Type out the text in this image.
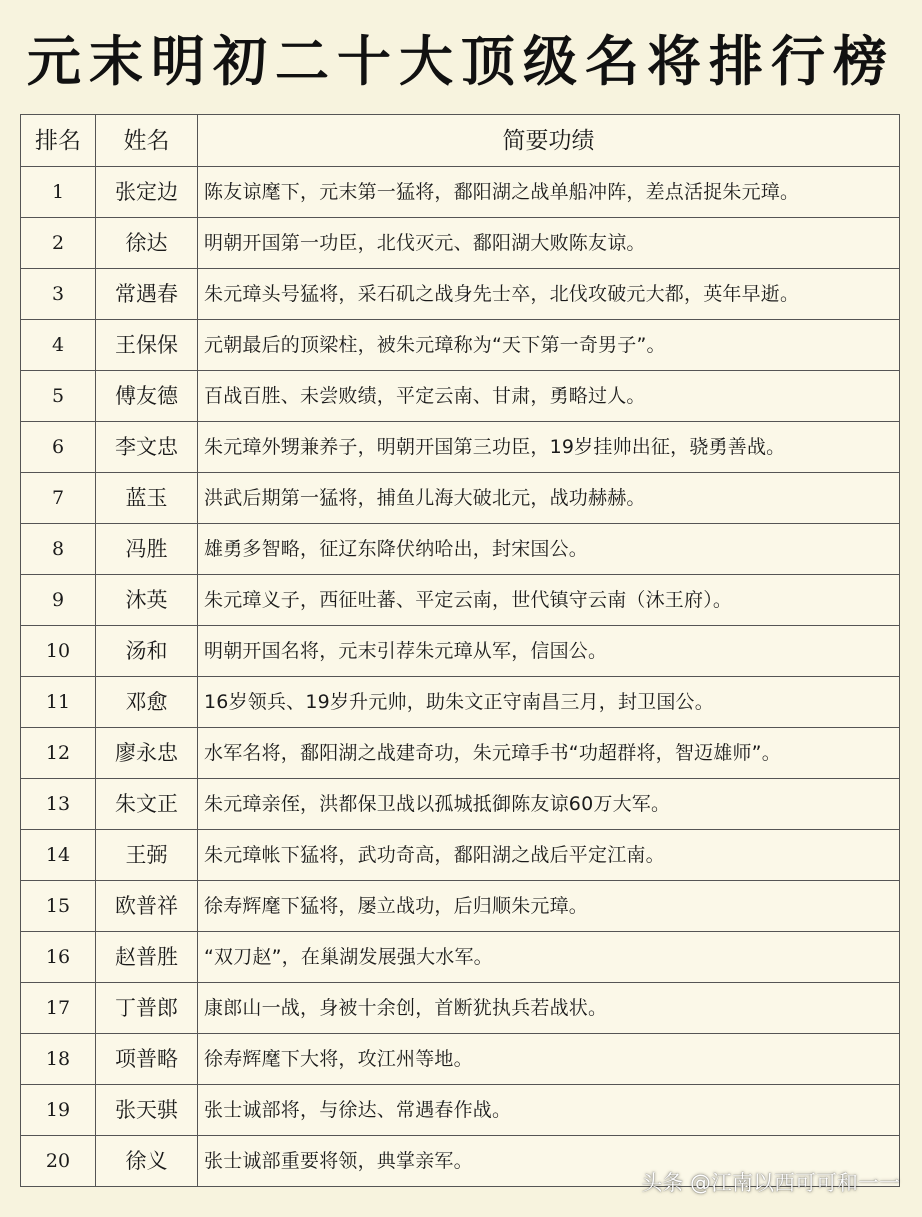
元末明初二十大顶级名将排行榜
排名	姓名	简要功绩
1	张定边	陈友谅麾下，元末第一猛将，鄱阳湖之战单船冲阵，差点活捉朱元璋。
2	徐达	明朝开国第一功臣，北伐灭元、鄱阳湖大败陈友谅。
3	常遇春	朱元璋头号猛将，采石矶之战身先士卒，北伐攻破元大都，英年早逝。
4	王保保	元朝最后的顶梁柱，被朱元璋称为“天下第一奇男子”。
5	傅友德	百战百胜、未尝败绩，平定云南、甘肃，勇略过人。
6	李文忠	朱元璋外甥兼养子，明朝开国第三功臣，19岁挂帅出征，骁勇善战。
7	蓝玉	洪武后期第一猛将，捕鱼儿海大破北元，战功赫赫。
8	冯胜	雄勇多智略，征辽东降伏纳哈出，封宋国公。
9	沐英	朱元璋义子，西征吐蕃、平定云南，世代镇守云南（沐王府）。
10	汤和	明朝开国名将，元末引荐朱元璋从军，信国公。
11	邓愈	16岁领兵、19岁升元帅，助朱文正守南昌三月，封卫国公。
12	廖永忠	水军名将，鄱阳湖之战建奇功，朱元璋手书“功超群将，智迈雄师”。
13	朱文正	朱元璋亲侄，洪都保卫战以孤城抵御陈友谅60万大军。
14	王弼	朱元璋帐下猛将，武功奇高，鄱阳湖之战后平定江南。
15	欧普祥	徐寿辉麾下猛将，屡立战功，后归顺朱元璋。
16	赵普胜	“双刀赵”，在巢湖发展强大水军。
17	丁普郎	康郎山一战，身被十余创，首断犹执兵若战状。
18	项普略	徐寿辉麾下大将，攻江州等地。
19	张天骐	张士诚部将，与徐达、常遇春作战。
20	徐义	张士诚部重要将领，典掌亲军。
头条 @江南以西可可和一一
